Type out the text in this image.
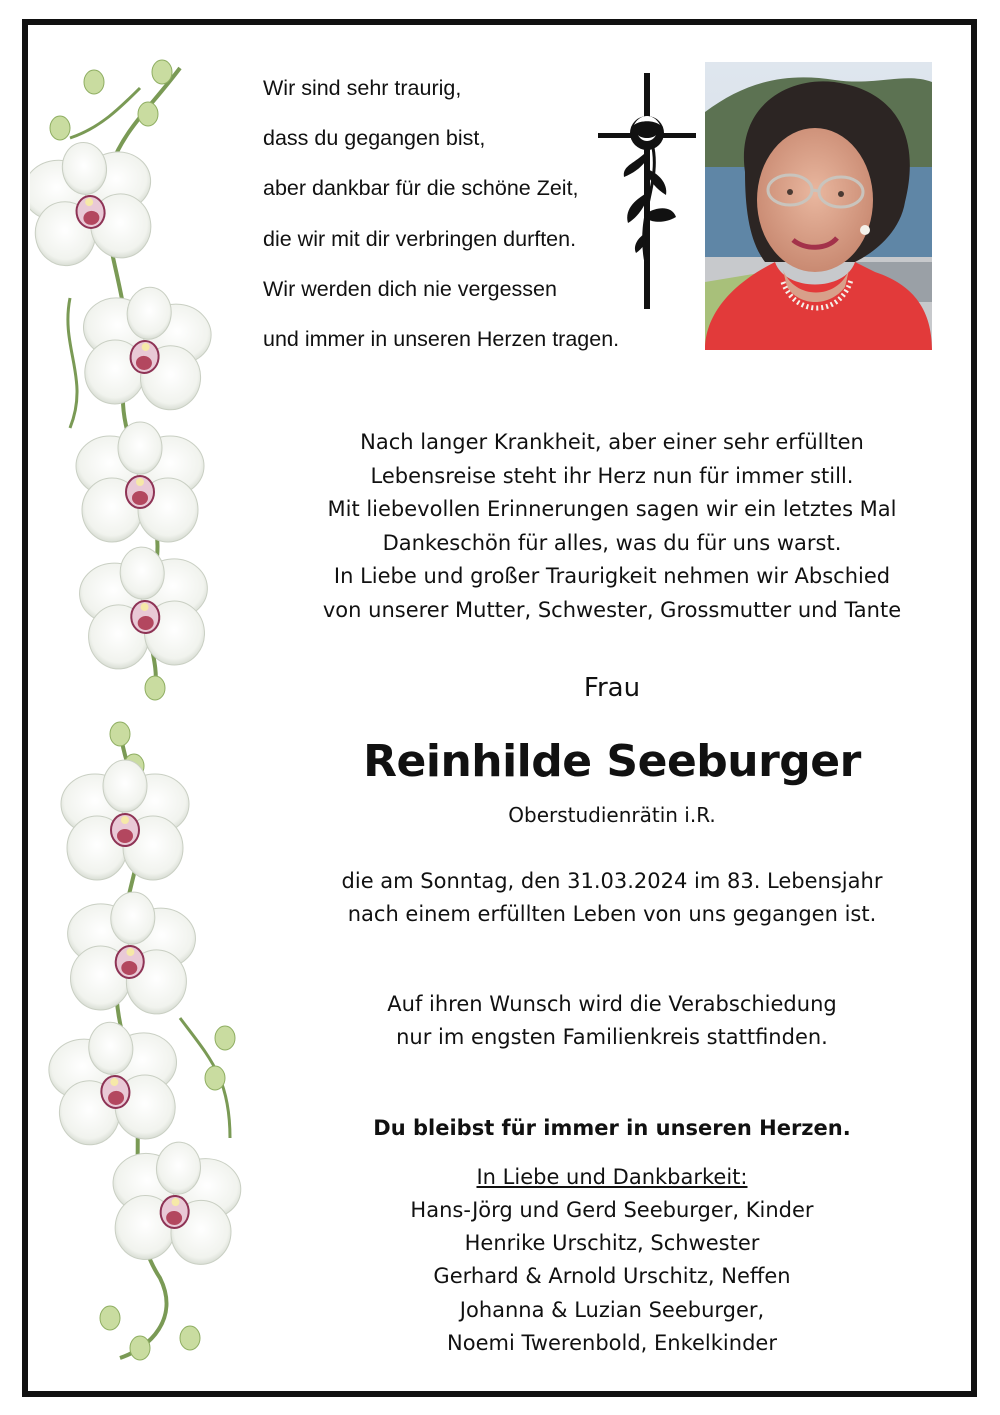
Wir sind sehr traurig,
dass du gegangen bist,
aber dankbar für die schöne Zeit,
die wir mit dir verbringen durften.
Wir werden dich nie vergessen
und immer in unseren Herzen tragen.
Nach langer Krankheit, aber einer sehr erfüllten
Lebensreise steht ihr Herz nun für immer still.
Mit liebevollen Erinnerungen sagen wir ein letztes Mal
Dankeschön für alles, was du für uns warst.
In Liebe und großer Traurigkeit nehmen wir Abschied
von unserer Mutter, Schwester, Grossmutter und Tante
Frau
Reinhilde Seeburger
Oberstudienrätin i.R.
die am Sonntag, den 31.03.2024 im 83. Lebensjahr
nach einem erfüllten Leben von uns gegangen ist.
Auf ihren Wunsch wird die Verabschiedung
nur im engsten Familienkreis stattfinden.
Du bleibst für immer in unseren Herzen.
In Liebe und Dankbarkeit:
Hans-Jörg und Gerd Seeburger, Kinder
Henrike Urschitz, Schwester
Gerhard & Arnold Urschitz, Neffen
Johanna & Luzian Seeburger,
Noemi Twerenbold, Enkelkinder
